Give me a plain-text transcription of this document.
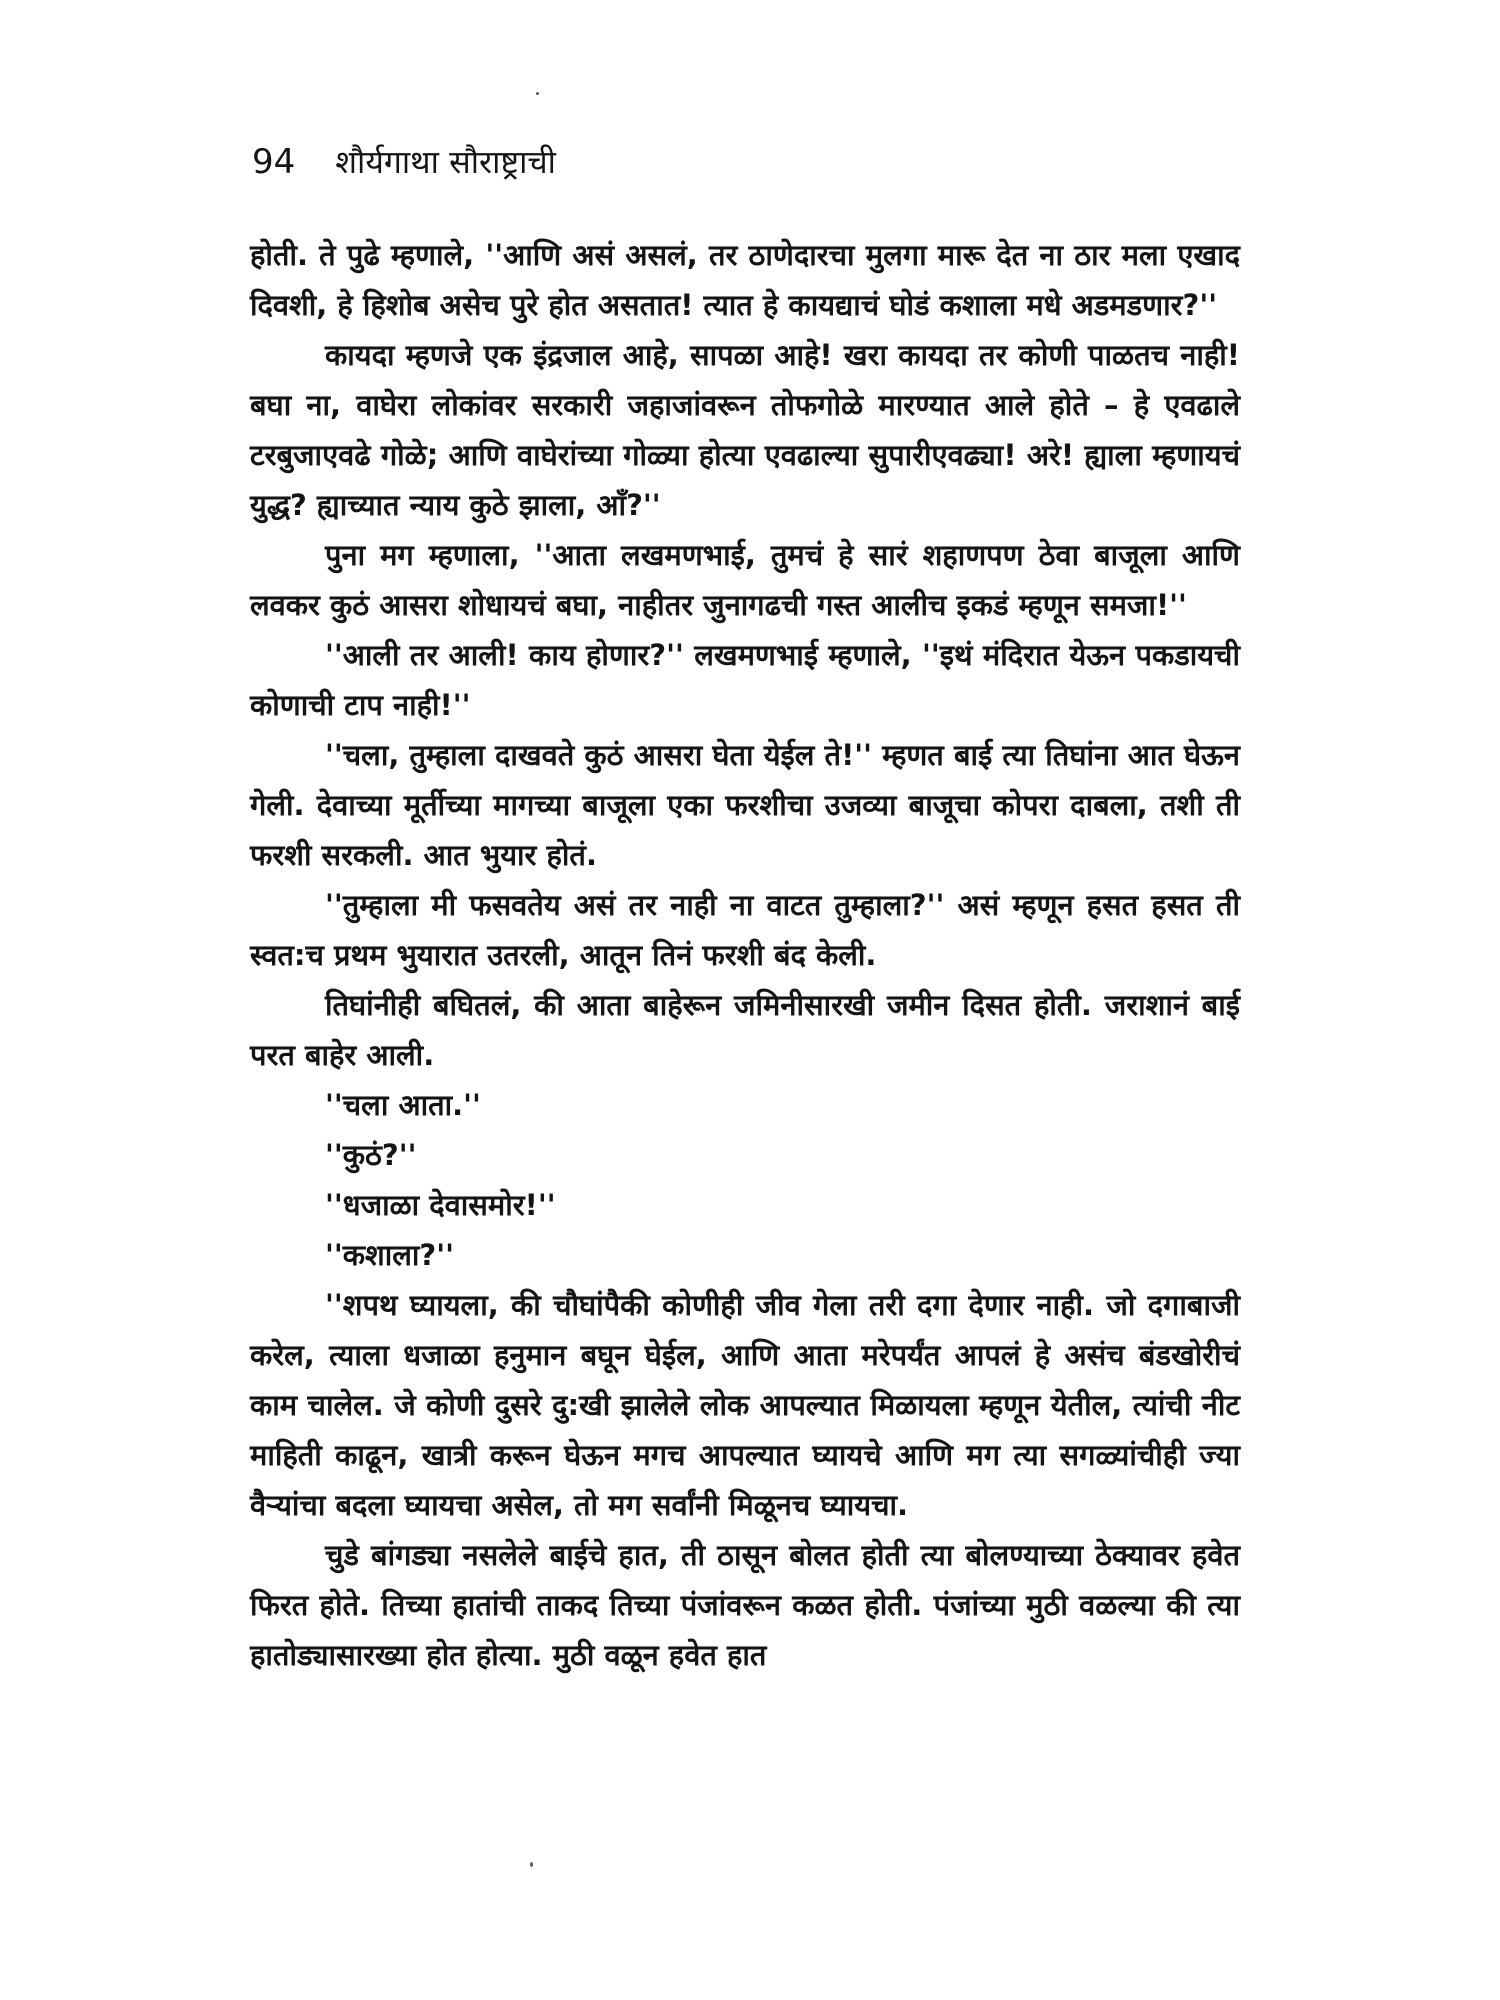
94 शौर्यगाथा सौराष्ट्राची

होती. ते पुढे म्हणाले, ''आणि असं असलं, तर ठाणेदारचा मुलगा मारू देत ना ठार मला एखाद दिवशी, हे हिशोब असेच पुरे होत असतात! त्यात हे कायद्याचं घोडं कशाला मधे अडमडणार?''

कायदा म्हणजे एक इंद्रजाल आहे, सापळा आहे! खरा कायदा तर कोणी पाळतच नाही! बघा ना, वाघेरा लोकांवर सरकारी जहाजांवरून तोफगोळे मारण्यात आले होते – हे एवढाले टरबुजाएवढे गोळे; आणि वाघेरांच्या गोळ्या होत्या एवढाल्या सुपारीएवढ्या! अरे! ह्याला म्हणायचं युद्ध? ह्याच्यात न्याय कुठे झाला, आँ?''

पुना मग म्हणाला, ''आता लखमणभाई, तुमचं हे सारं शहाणपण ठेवा बाजूला आणि लवकर कुठं आसरा शोधायचं बघा, नाहीतर जुनागढची गस्त आलीच इकडं म्हणून समजा!''

''आली तर आली! काय होणार?'' लखमणभाई म्हणाले, ''इथं मंदिरात येऊन पकडायची कोणाची टाप नाही!''

''चला, तुम्हाला दाखवते कुठं आसरा घेता येईल ते!'' म्हणत बाई त्या तिघांना आत घेऊन गेली. देवाच्या मूर्तीच्या मागच्या बाजूला एका फरशीचा उजव्या बाजूचा कोपरा दाबला, तशी ती फरशी सरकली. आत भुयार होतं.

''तुम्हाला मी फसवतेय असं तर नाही ना वाटत तुम्हाला?'' असं म्हणून हसत हसत ती स्वत:च प्रथम भुयारात उतरली, आतून तिनं फरशी बंद केली.

तिघांनीही बघितलं, की आता बाहेरून जमिनीसारखी जमीन दिसत होती. जराशानं बाई परत बाहेर आली.

''चला आता.''

''कुठं?''

''धजाळा देवासमोर!''

''कशाला?''

''शपथ घ्यायला, की चौघांपैकी कोणीही जीव गेला तरी दगा देणार नाही. जो दगाबाजी करेल, त्याला धजाळा हनुमान बघून घेईल, आणि आता मरेपर्यंत आपलं हे असंच बंडखोरीचं काम चालेल. जे कोणी दुसरे दु:खी झालेले लोक आपल्यात मिळायला म्हणून येतील, त्यांची नीट माहिती काढून, खात्री करून घेऊन मगच आपल्यात घ्यायचे आणि मग त्या सगळ्यांचीही ज्या वैऱ्यांचा बदला घ्यायचा असेल, तो मग सर्वांनी मिळूनच घ्यायचा.

चुडे बांगड्या नसलेले बाईचे हात, ती ठासून बोलत होती त्या बोलण्याच्या ठेक्यावर हवेत फिरत होते. तिच्या हातांची ताकद तिच्या पंजांवरून कळत होती. पंजांच्या मुठी वळल्या की त्या हातोड्यासारख्या होत होत्या. मुठी वळून हवेत हात
